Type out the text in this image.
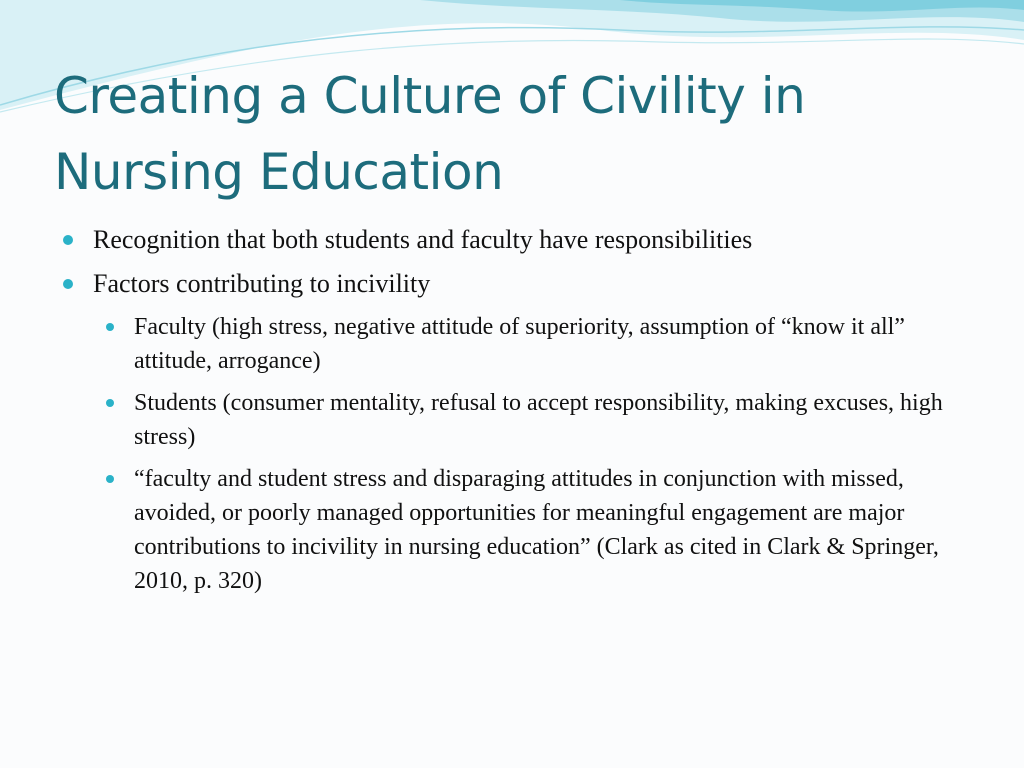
Creating a Culture of Civility in Nursing Education
Recognition that both students and faculty have responsibilities
Factors contributing to incivility
Faculty (high stress, negative attitude of superiority, assumption of “know it all” attitude, arrogance)
Students (consumer mentality, refusal to accept responsibility, making excuses, high stress)
“faculty and student stress and disparaging attitudes in conjunction with missed, avoided, or poorly managed opportunities for meaningful engagement are major contributions to incivility in nursing education” (Clark as cited in Clark & Springer, 2010, p. 320)
